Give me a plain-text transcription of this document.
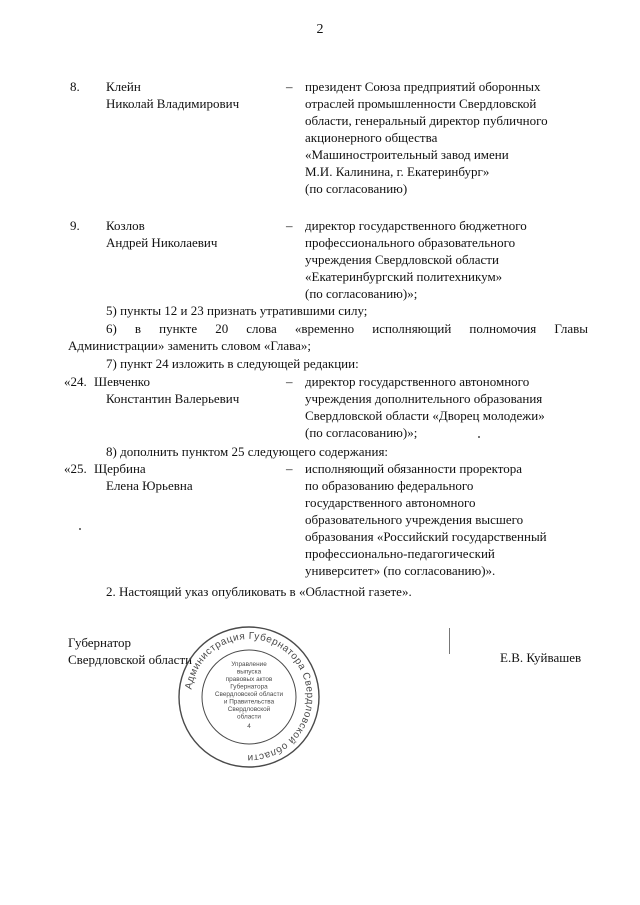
2
8. Клейн
Николай Владимирович
– президент Союза предприятий оборонных
отраслей промышленности Свердловской
области, генеральный директор публичного
акционерного общества
«Машиностроительный завод имени
М.И. Калинина, г. Екатеринбург»
(по согласованию)
9. Козлов
Андрей Николаевич
– директор государственного бюджетного
профессионального образовательного
учреждения Свердловской области
«Екатеринбургский политехникум»
(по согласованию)»;
5) пункты 12 и 23 признать утратившими силу;
6) в пункте 20 слова «временно исполняющий полномочия Главы
Администрации» заменить словом «Глава»;
7) пункт 24 изложить в следующей редакции:
«24. Шевченко
Константин Валерьевич
– директор государственного автономного
учреждения дополнительного образования
Свердловской области «Дворец молодежи»
(по согласованию)»;
8) дополнить пунктом 25 следующего содержания:
«25. Щербина
Елена Юрьевна
– исполняющий обязанности проректора
по образованию федерального
государственного автономного
образовательного учреждения высшего
образования «Российский государственный
профессионально-педагогический
университет» (по согласованию)».
2. Настоящий указ опубликовать в «Областной газете».
Губернатор
Свердловской области	Е.В. Куйвашев
Администрация Губернатора Свердловской области
Управление
выпуска
правовых актов
Губернатора
Свердловской области
и Правительства
Свердловской
области
4
